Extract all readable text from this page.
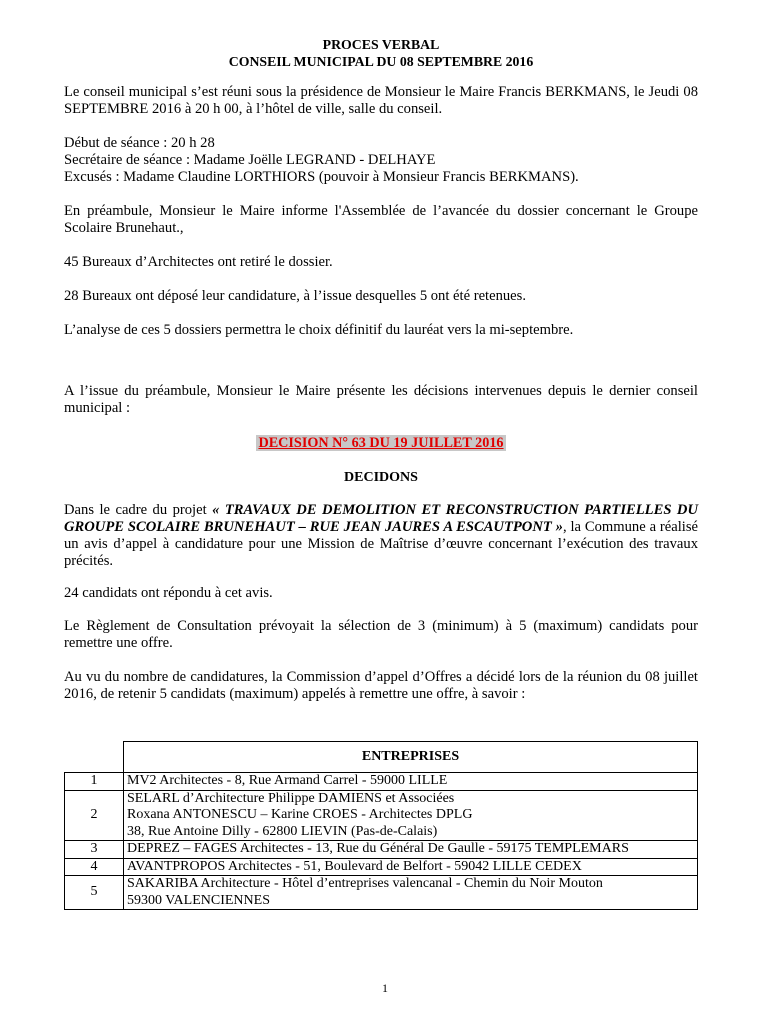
PROCES VERBAL
CONSEIL MUNICIPAL DU 08 SEPTEMBRE 2016

Le conseil municipal s’est réuni sous la présidence de Monsieur le Maire Francis BERKMANS, le Jeudi 08 SEPTEMBRE 2016 à 20 h 00, à l’hôtel de ville, salle du conseil.

Début de séance : 20 h 28
Secrétaire de séance : Madame Joëlle LEGRAND - DELHAYE
Excusés : Madame Claudine LORTHIORS (pouvoir à Monsieur Francis BERKMANS).

En préambule, Monsieur le Maire informe l'Assemblée de l’avancée du dossier concernant le Groupe Scolaire Brunehaut.,

45 Bureaux d’Architectes ont retiré le dossier.

28 Bureaux ont déposé leur candidature, à l’issue desquelles 5 ont été retenues.

L’analyse de ces 5 dossiers permettra le choix définitif du lauréat vers la mi-septembre.

A l’issue du préambule, Monsieur le Maire présente les décisions intervenues depuis le dernier conseil municipal :

DECISION N° 63 DU 19 JUILLET 2016
DECIDONS

Dans le cadre du projet « TRAVAUX DE DEMOLITION ET RECONSTRUCTION PARTIELLES DU GROUPE SCOLAIRE BRUNEHAUT – RUE JEAN JAURES A ESCAUTPONT », la Commune a réalisé un avis d’appel à candidature pour une Mission de Maîtrise d’œuvre concernant l’exécution des travaux précités.

24 candidats ont répondu à cet avis.

Le Règlement de Consultation prévoyait la sélection de 3 (minimum) à 5 (maximum) candidats pour remettre une offre.

Au vu du nombre de candidatures, la Commission d’appel d’Offres a décidé lors de la réunion du 08 juillet 2016, de retenir 5 candidats (maximum) appelés à remettre une offre, à savoir :

	ENTREPRISES
1	MV2 Architectes - 8, Rue Armand Carrel - 59000 LILLE

2	SELARL d’Architecture Philippe DAMIENS et Associées
Roxana ANTONESCU – Karine CROES - Architectes DPLG
38, Rue Antoine Dilly - 62800 LIEVIN (Pas-de-Calais)

3	DEPREZ – FAGES Architectes - 13, Rue du Général De Gaulle - 59175 TEMPLEMARS

4	AVANTPROPOS Architectes - 51, Boulevard de Belfort - 59042 LILLE CEDEX

5	SAKARIBA Architecture - Hôtel d’entreprises valencanal - Chemin du Noir Mouton
59300 VALENCIENNES
1
